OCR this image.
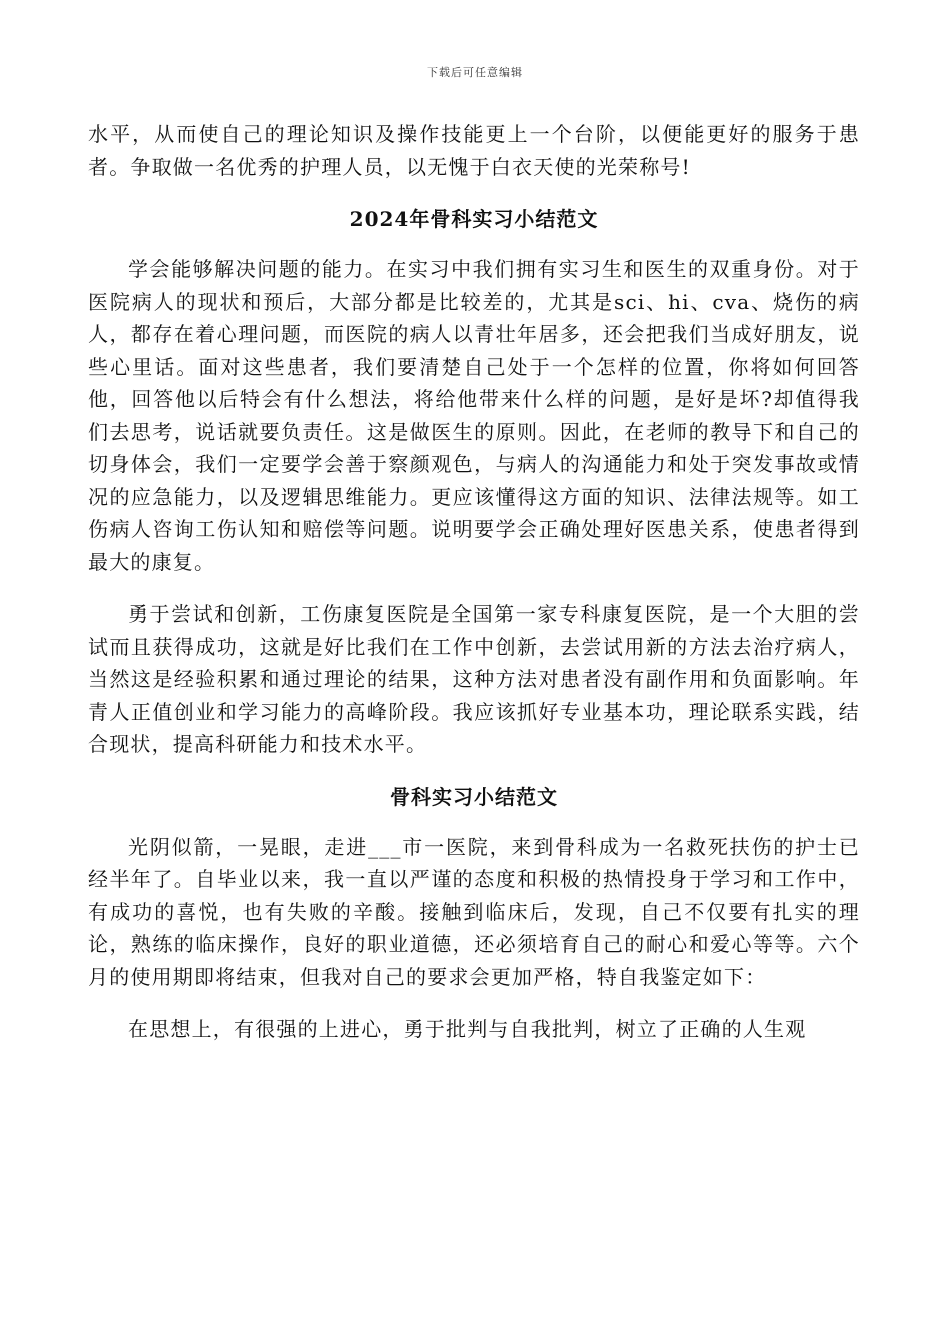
下载后可任意编辑

水平，从而使自己的理论知识及操作技能更上一个台阶，以便能更好的服务于患者。争取做一名优秀的护理人员，以无愧于白衣天使的光荣称号!

2024年骨科实习小结范文

学会能够解决问题的能力。在实习中我们拥有实习生和医生的双重身份。对于医院病人的现状和预后，大部分都是比较差的，尤其是sci、hi、cva、烧伤的病人，都存在着心理问题，而医院的病人以青壮年居多，还会把我们当成好朋友，说些心里话。面对这些患者，我们要清楚自己处于一个怎样的位置，你将如何回答他，回答他以后特会有什么想法，将给他带来什么样的问题，是好是坏?却值得我们去思考，说话就要负责任。这是做医生的原则。因此，在老师的教导下和自己的切身体会，我们一定要学会善于察颜观色，与病人的沟通能力和处于突发事故或情况的应急能力，以及逻辑思维能力。更应该懂得这方面的知识、法律法规等。如工伤病人咨询工伤认知和赔偿等问题。说明要学会正确处理好医患关系，使患者得到最大的康复。

勇于尝试和创新，工伤康复医院是全国第一家专科康复医院，是一个大胆的尝试而且获得成功，这就是好比我们在工作中创新，去尝试用新的方法去治疗病人，当然这是经验积累和通过理论的结果，这种方法对患者没有副作用和负面影响。年青人正值创业和学习能力的高峰阶段。我应该抓好专业基本功，理论联系实践，结合现状，提高科研能力和技术水平。

骨科实习小结范文

光阴似箭，一晃眼，走进___市一医院，来到骨科成为一名救死扶伤的护士已经半年了。自毕业以来，我一直以严谨的态度和积极的热情投身于学习和工作中，有成功的喜悦，也有失败的辛酸。接触到临床后，发现，自己不仅要有扎实的理论，熟练的临床操作，良好的职业道德，还必须培育自己的耐心和爱心等等。六个月的使用期即将结束，但我对自己的要求会更加严格，特自我鉴定如下：

在思想上，有很强的上进心，勇于批判与自我批判，树立了正确的人生观
